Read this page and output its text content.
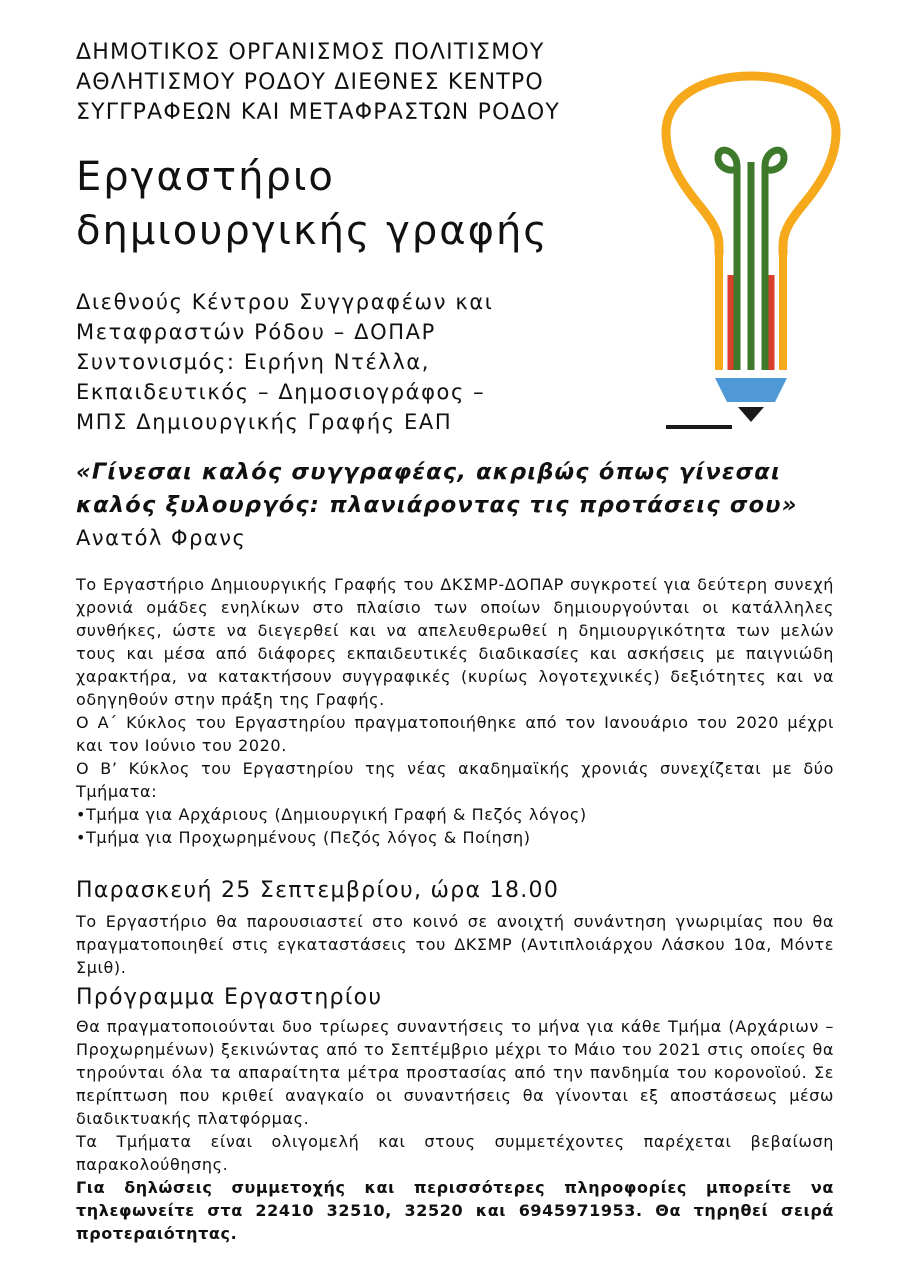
ΔΗΜΟΤΙΚΟΣ ΟΡΓΑΝΙΣΜΟΣ ΠΟΛΙΤΙΣΜΟΥ
ΑΘΛΗΤΙΣΜΟΥ ΡΟΔΟΥ ΔΙΕΘΝΕΣ ΚΕΝΤΡΟ
ΣΥΓΓΡΑΦΕΩΝ ΚΑΙ ΜΕΤΑΦΡΑΣΤΩΝ ΡΟΔΟΥ
Εργαστήριο
δημιουργικής γραφής
Διεθνούς Κέντρου Συγγραφέων και
Μεταφραστών Ρόδου – ΔΟΠΑΡ
Συντονισμός: Ειρήνη Ντέλλα,
Εκπαιδευτικός – Δημοσιογράφος –
ΜΠΣ Δημιουργικής Γραφής ΕΑΠ
«Γίνεσαι καλός συγγραφέας, ακριβώς όπως γίνεσαι
καλός ξυλουργός: πλανιάροντας τις προτάσεις σου»
Ανατόλ Φρανς

Το Εργαστήριο Δημιουργικής Γραφής του ΔΚΣΜΡ-ΔΟΠΑΡ συγκροτεί για δεύτερη συνεχή χρονιά ομάδες ενηλίκων στο πλαίσιο των οποίων δημιουργούνται οι κατάλληλες συνθήκες, ώστε να διεγερθεί και να απελευθερωθεί η δημιουργικότητα των μελών τους και μέσα από διάφορες εκπαιδευτικές διαδικασίες και ασκήσεις με παιγνιώδη χαρακτήρα, να κατακτήσουν συγγραφικές (κυρίως λογοτεχνικές) δεξιότητες και να οδηγηθούν στην πράξη της Γραφής.

Ο Α΄ Κύκλος του Εργαστηρίου πραγματοποιήθηκε από τον Ιανουάριο του 2020 μέχρι και τον Ιούνιο του 2020.

Ο Β’ Κύκλος του Εργαστηρίου της νέας ακαδημαϊκής χρονιάς συνεχίζεται με δύο Τμήματα:

•Τμήμα για Αρχάριους (Δημιουργική Γραφή & Πεζός λόγος)

•Τμήμα για Προχωρημένους (Πεζός λόγος & Ποίηση)

Παρασκευή 25 Σεπτεμβρίου, ώρα 18.00

Το Εργαστήριο θα παρουσιαστεί στο κοινό σε ανοιχτή συνάντηση γνωριμίας που θα πραγματοποιηθεί στις εγκαταστάσεις του ΔΚΣΜΡ (Αντιπλοιάρχου Λάσκου 10α, Μόντε Σμιθ).

Πρόγραμμα Εργαστηρίου

Θα πραγματοποιούνται δυο τρίωρες συναντήσεις το μήνα για κάθε Τμήμα (Αρχάριων – Προχωρημένων) ξεκινώντας από το Σεπτέμβριο μέχρι το Μάιο του 2021 στις οποίες θα τηρούνται όλα τα απαραίτητα μέτρα προστασίας από την πανδημία του κορονοϊού. Σε περίπτωση που κριθεί αναγκαίο οι συναντήσεις θα γίνονται εξ αποστάσεως μέσω διαδικτυακής πλατφόρμας.

Τα Τμήματα είναι ολιγομελή και στους συμμετέχοντες παρέχεται βεβαίωση παρακολούθησης.

Για δηλώσεις συμμετοχής και περισσότερες πληροφορίες μπορείτε να τηλεφωνείτε στα 22410 32510, 32520 και 6945971953. Θα τηρηθεί σειρά προτεραιότητας.
